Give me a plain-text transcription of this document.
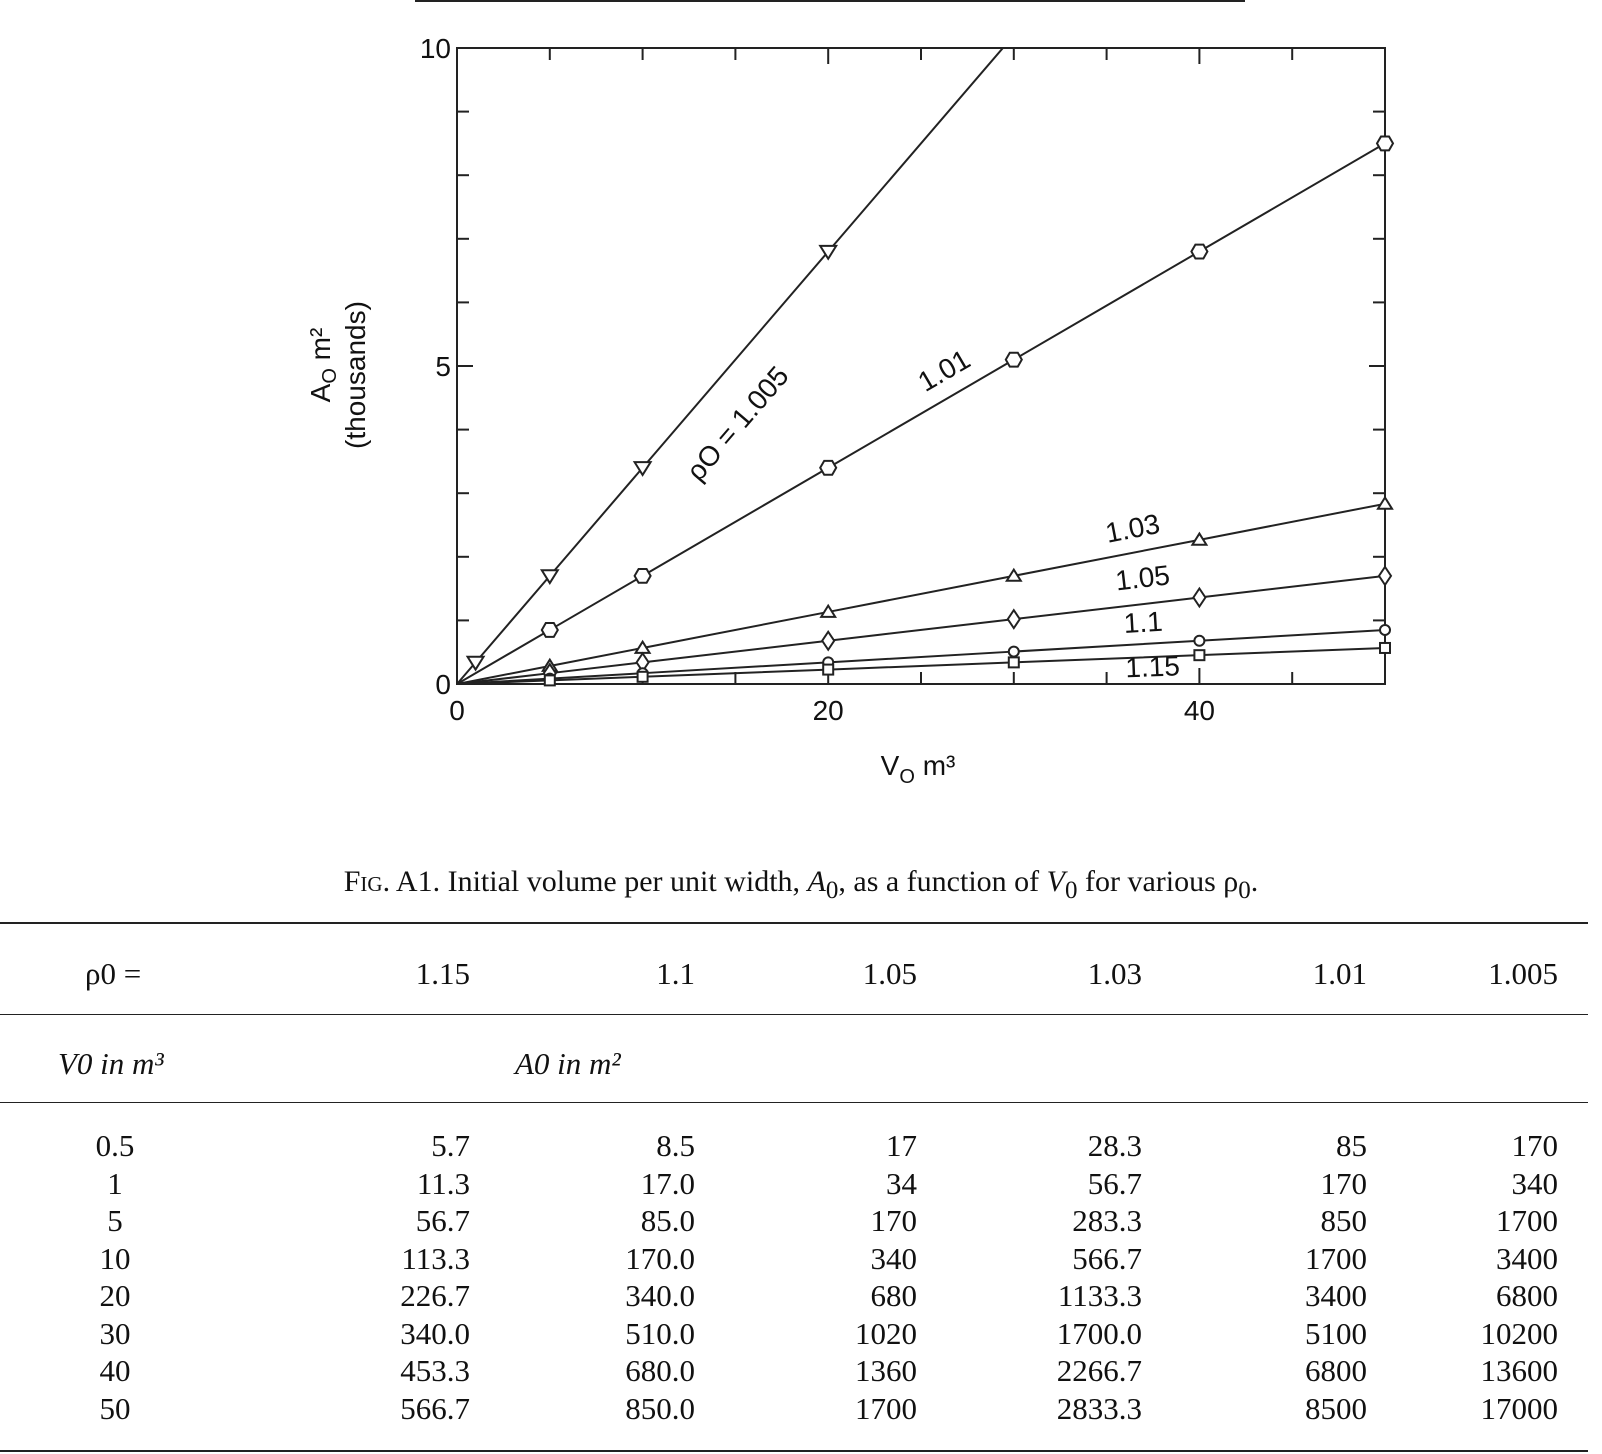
0	20	40
0
5
10
ρO = 1.005	1.01
1.03
1.05
1.1
1.15
$A_O$ m² (thousands)
$V_O$ m³
Fig. A1. Initial volume per unit width, $A_0$, as a function of $V_0$ for various $\rho_0$.
ρ0 =	1.15	1.1	1.05	1.03	1.01	1.005
V0 in m³	A0 in m²
0.5	5.7	8.5	17	28.3	85	170
1	11.3	17.0	34	56.7	170	340
5	56.7	85.0	170	283.3	850	1700
10	113.3	170.0	340	566.7	1700	3400
20	226.7	340.0	680	1133.3	3400	6800
30	340.0	510.0	1020	1700.0	5100	10200
40	453.3	680.0	1360	2266.7	6800	13600
50	566.7	850.0	1700	2833.3	8500	17000
